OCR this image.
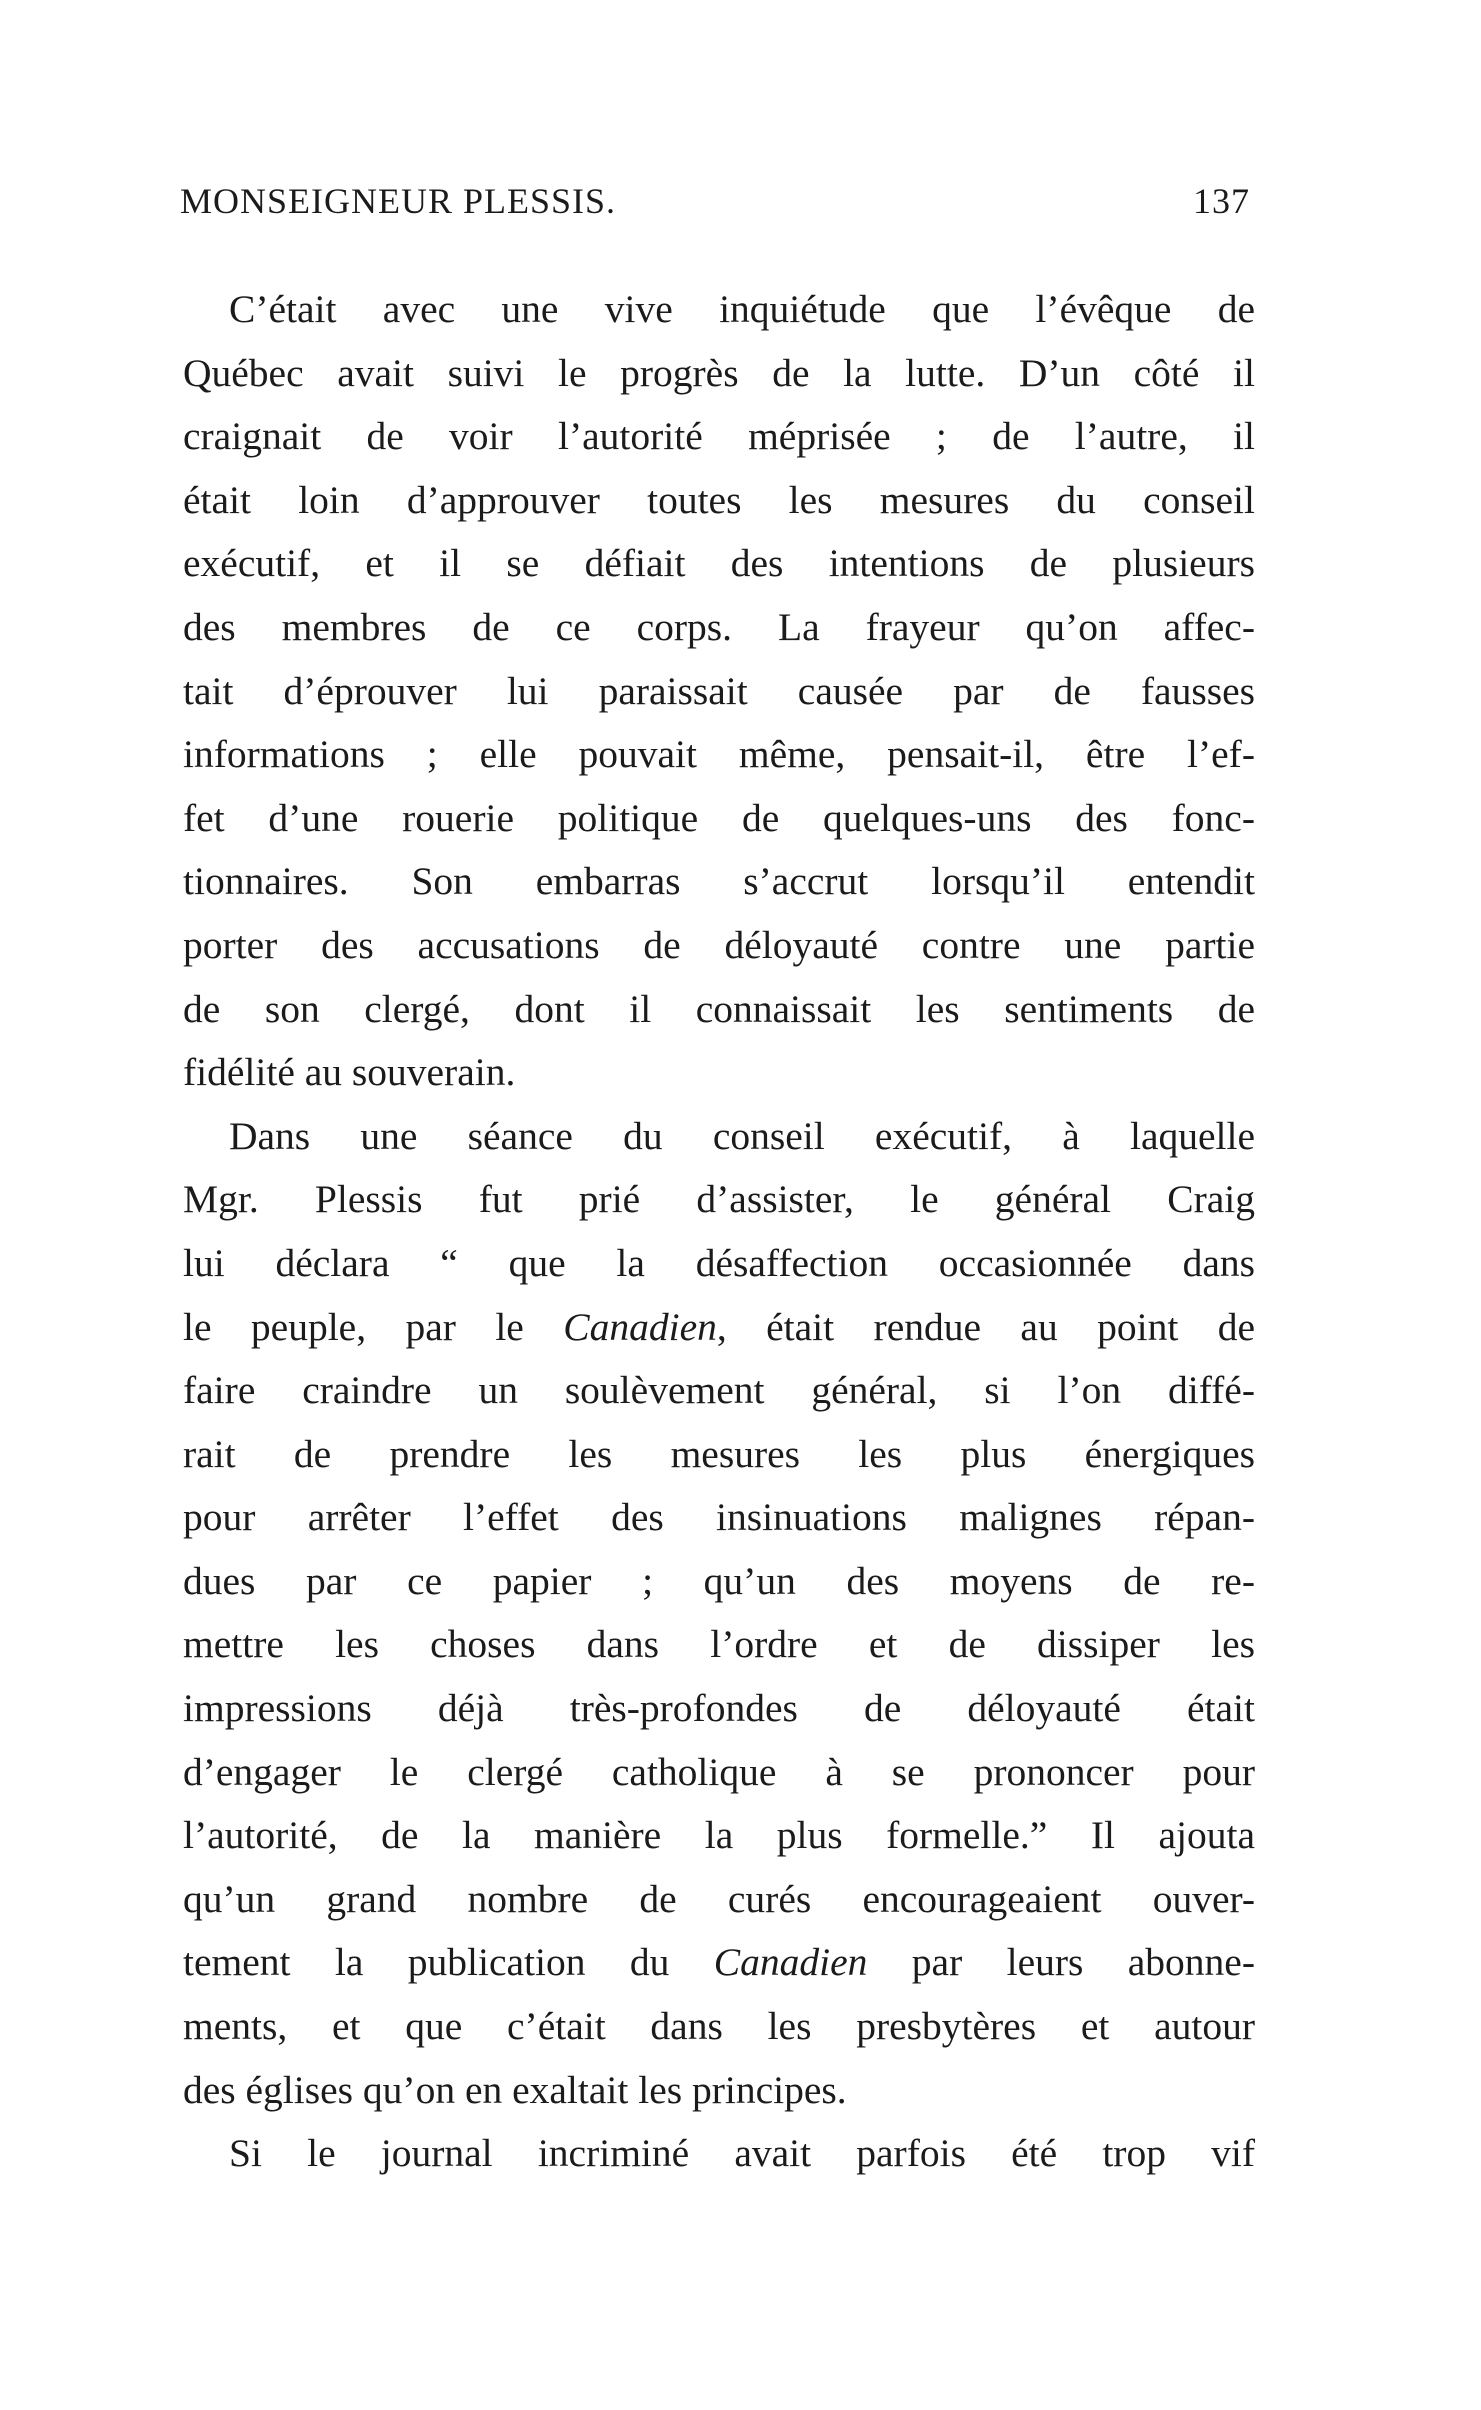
MONSEIGNEUR PLESSIS.	137
C’était avec une vive inquiétude que l’évêque de
Québec avait suivi le progrès de la lutte. D’un côté il
craignait de voir l’autorité méprisée ; de l’autre, il
était loin d’approuver toutes les mesures du conseil
exécutif, et il se défiait des intentions de plusieurs
des membres de ce corps. La frayeur qu’on affec-
tait d’éprouver lui paraissait causée par de fausses
informations ; elle pouvait même, pensait-il, être l’ef-
fet d’une rouerie politique de quelques-uns des fonc-
tionnaires. Son embarras s’accrut lorsqu’il entendit
porter des accusations de déloyauté contre une partie
de son clergé, dont il connaissait les sentiments de
fidélité au souverain.
Dans une séance du conseil exécutif, à laquelle
Mgr. Plessis fut prié d’assister, le général Craig
lui déclara “ que la désaffection occasionnée dans
le peuple, par le Canadien, était rendue au point de
faire craindre un soulèvement général, si l’on diffé-
rait de prendre les mesures les plus énergiques
pour arrêter l’effet des insinuations malignes répan-
dues par ce papier ; qu’un des moyens de re-
mettre les choses dans l’ordre et de dissiper les
impressions déjà très-profondes de déloyauté était
d’engager le clergé catholique à se prononcer pour
l’autorité, de la manière la plus formelle.” Il ajouta
qu’un grand nombre de curés encourageaient ouver-
tement la publication du Canadien par leurs abonne-
ments, et que c’était dans les presbytères et autour
des églises qu’on en exaltait les principes.
Si le journal incriminé avait parfois été trop vif
